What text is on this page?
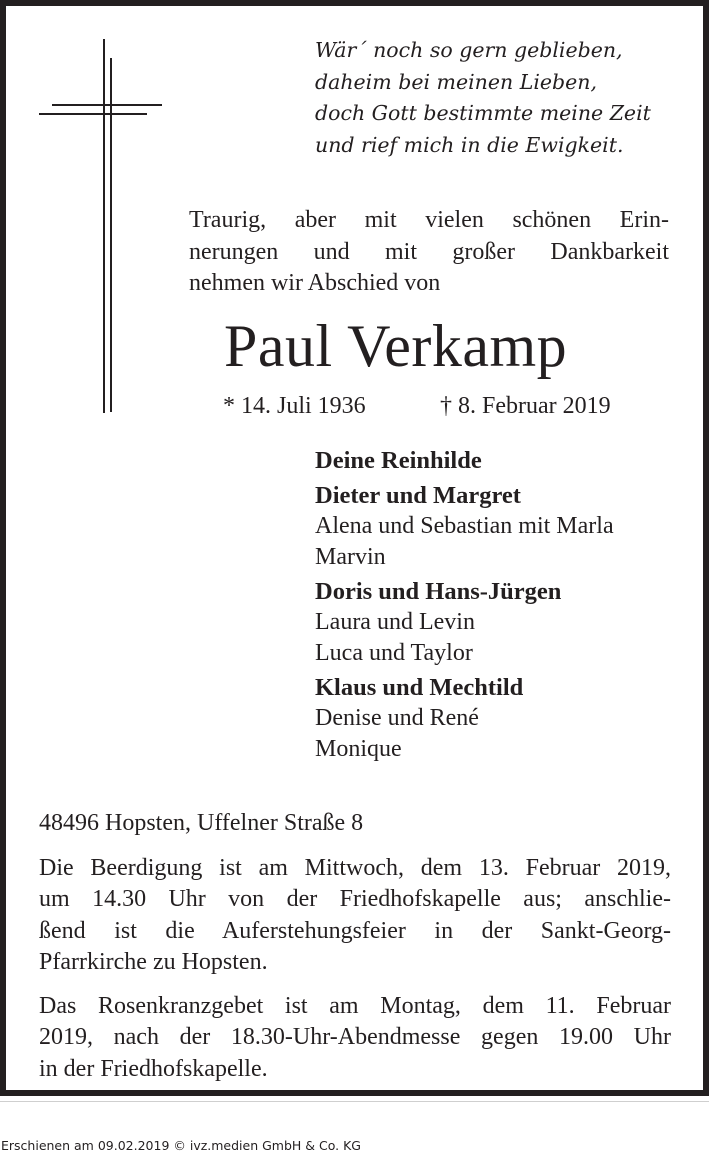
Wär´ noch so gern geblieben,
daheim bei meinen Lieben,
doch Gott bestimmte meine Zeit
und rief mich in die Ewigkeit.
Traurig, aber mit vielen schönen Erin-
nerungen und mit großer Dankbarkeit
nehmen wir Abschied von
Paul Verkamp
* 14. Juli 1936	† 8. Februar 2019
Deine Reinhilde
Dieter und Margret
Alena und Sebastian mit Marla
Marvin
Doris und Hans-Jürgen
Laura und Levin
Luca und Taylor
Klaus und Mechtild
Denise und René
Monique
48496 Hopsten, Uffelner Straße 8
Die Beerdigung ist am Mittwoch, dem 13. Februar 2019,
um 14.30 Uhr von der Friedhofskapelle aus; anschlie-
ßend ist die Auferstehungsfeier in der Sankt-Georg-
Pfarrkirche zu Hopsten.
Das Rosenkranzgebet ist am Montag, dem 11. Februar
2019, nach der 18.30-Uhr-Abendmesse gegen 19.00 Uhr
in der Friedhofskapelle.
Erschienen am 09.02.2019 © ivz.medien GmbH & Co. KG
